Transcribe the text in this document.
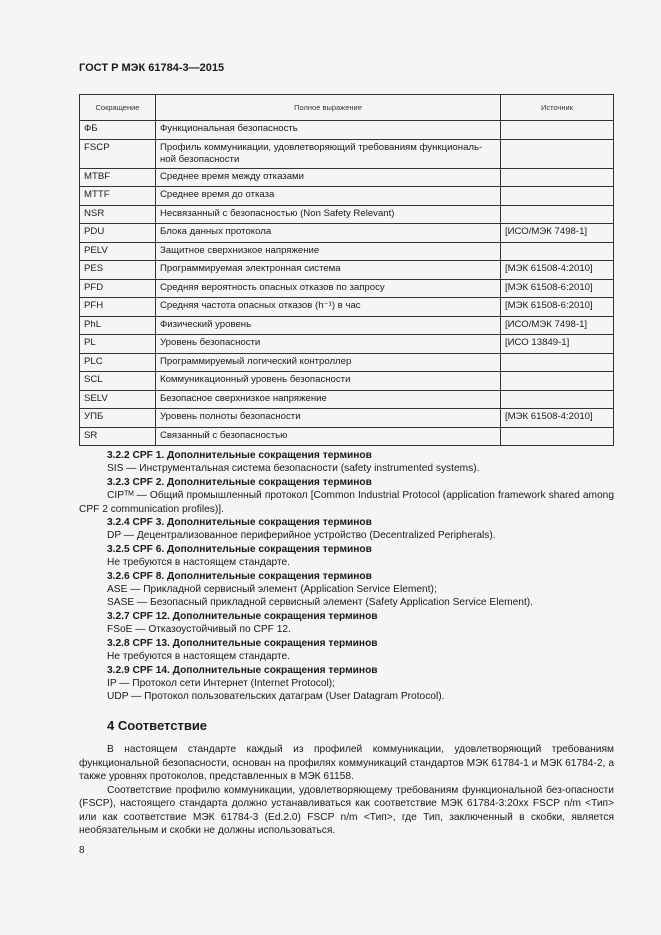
ГОСТ Р МЭК 61784-3—2015
Сокращение	Полное выражение	Источник
ФБ	Функциональная безопасность	
FSCP	Профиль коммуникации, удовлетворяющий требованиям функциональ-ной безопасности	
MTBF	Среднее время между отказами	
MTTF	Среднее время до отказа	
NSR	Несвязанный с безопасностью (Non Safety Relevant)	
PDU	Блока данных протокола	[ИСО/МЭК 7498-1]
PELV	Защитное сверхнизкое напряжение	
PES	Программируемая электронная система	[МЭК 61508-4:2010]
PFD	Средняя вероятность опасных отказов по запросу	[МЭК 61508-6:2010]
PFH	Средняя частота опасных отказов (h⁻¹) в час	[МЭК 61508-6:2010]
PhL	Физический уровень	[ИСО/МЭК 7498-1]
PL	Уровень безопасности	[ИСО 13849-1]
PLC	Программируемый логический контроллер	
SCL	Коммуникационный уровень безопасности	
SELV	Безопасное сверхнизкое напряжение	
УПБ	Уровень полноты безопасности	[МЭК 61508-4:2010]
SR	Связанный с безопасностью	

3.2.2 CPF 1. Дополнительные сокращения терминов

SIS — Инструментальная система безопасности (safety instrumented systems).

3.2.3 CPF 2. Дополнительные сокращения терминов

CIPᵀᴹ — Общий промышленный протокол [Common Industrial Protocol (application framework shared among CPF 2 communication profiles)].

3.2.4 CPF 3. Дополнительные сокращения терминов

DP — Децентрализованное периферийное устройство (Decentralized Peripherals).

3.2.5 CPF 6. Дополнительные сокращения терминов

Не требуются в настоящем стандарте.

3.2.6 CPF 8. Дополнительные сокращения терминов

ASE — Прикладной сервисный элемент (Application Service Element);

SASE — Безопасный прикладной сервисный элемент (Safety Application Service Element).

3.2.7 CPF 12. Дополнительные сокращения терминов

FSoE — Отказоустойчивый по CPF 12.

3.2.8 CPF 13. Дополнительные сокращения терминов

Не требуются в настоящем стандарте.

3.2.9 CPF 14. Дополнительные сокращения терминов

IP — Протокол сети Интернет (Internet Protocol);

UDP — Протокол пользовательских датаграм (User Datagram Protocol).

4 Соответствие

В настоящем стандарте каждый из профилей коммуникации, удовлетворяющий требованиям функциональной безопасности, основан на профилях коммуникаций стандартов МЭК 61784-1 и МЭК 61784-2, а также уровнях протоколов, представленных в МЭК 61158.

Соответствие профилю коммуникации, удовлетворяющему требованиям функциональной без-опасности (FSCP), настоящего стандарта должно устанавливаться как соответствие МЭК 61784-3:20xx FSCP n/m <Тип> или как соответствие МЭК 61784-3 (Ed.2.0) FSCP n/m <Тип>, где Тип, заключенный в скобки, является необязательным и скобки не должны использоваться.

8
